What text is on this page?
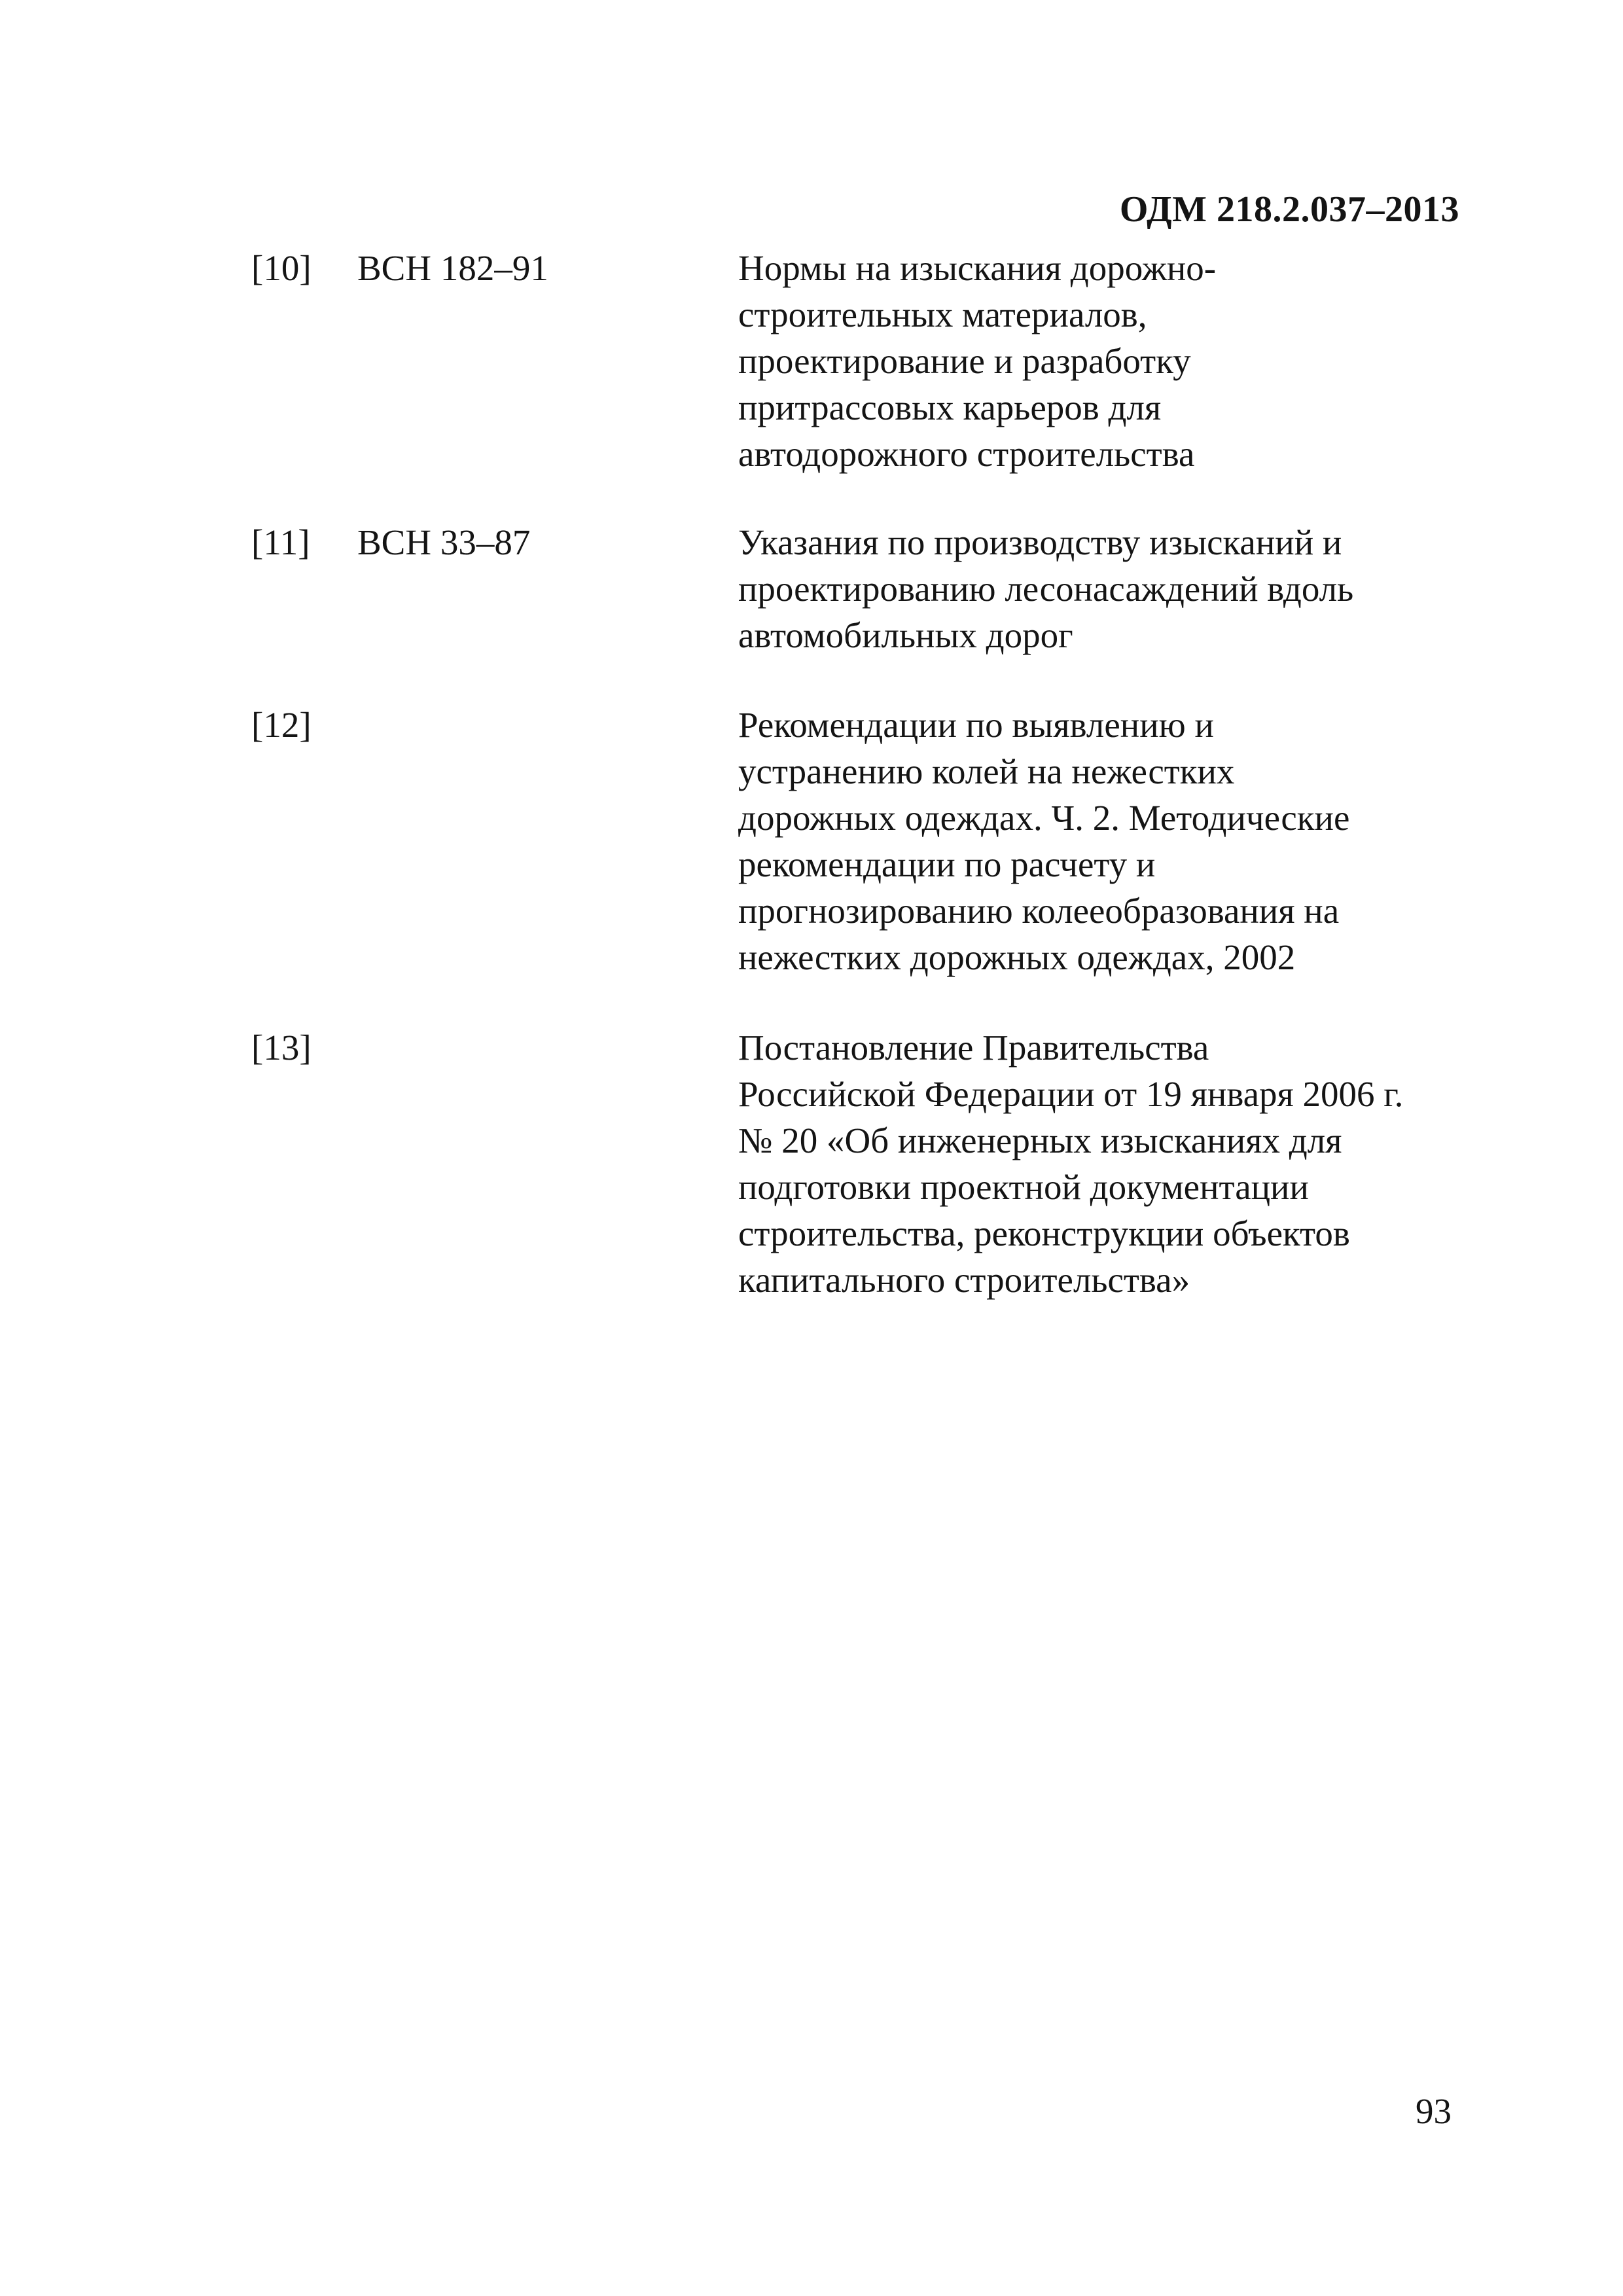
ОДМ 218.2.037–2013
[10] ВСН 182–91	Нормы на изыскания дорожно-
строительных материалов,
проектирование и разработку
притрассовых карьеров для
автодорожного строительства
[11] ВСН 33–87	Указания по производству изысканий и
проектированию лесонасаждений вдоль
автомобильных дорог
[12]	Рекомендации по выявлению и
устранению колей на нежестких
дорожных одеждах. Ч. 2. Методические
рекомендации по расчету и
прогнозированию колееобразования на
нежестких дорожных одеждах, 2002
[13]	Постановление Правительства
Российской Федерации от 19 января 2006 г.
№ 20 «Об инженерных изысканиях для
подготовки проектной документации
строительства, реконструкции объектов
капитального строительства»
93
